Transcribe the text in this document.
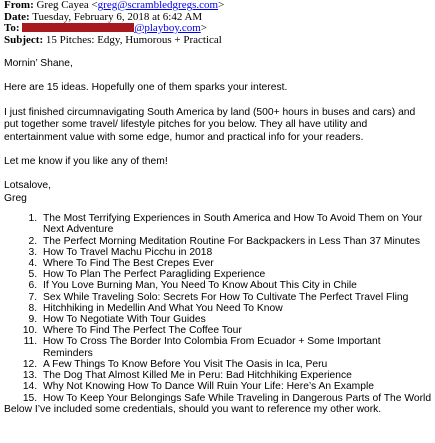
From: Greg Cayea <greg@scrambledgregs.com>
Date: Tuesday, February 6, 2018 at 6:42 AM
To:	@playboy.com>
Subject: 15 Pitches: Edgy, Humorous + Practical

Mornin’ Shane,

Here are 15 ideas. Hopefully one of them sparks your interest.

I just finished circumnavigating South America by land (500+ hours in buses and cars) and put together some travel/ lifestyle pitches for you below. They all have utility and entertainment value with some edge, humor and practical info for your readers.

Let me know if you like any of them!

Lotsalove,

Greg

1. The Most Terrifying Experiences in South America and How To Avoid Them on Your Next Adventure
2. The Perfect Morning Meditation Routine For Backpackers in Less Than 37 Minutes
3. How To Travel Machu Picchu in 2018
4. Where To Find The Best Crepes Ever
5. How To Plan The Perfect Paragliding Experience
6. If You Love Burning Man, You Need To Know About This City in Chile
7. Sex While Traveling Solo: Secrets For How To Cultivate The Perfect Travel Fling
8. Hitchhiking in Medellin And What You Need To Know
9. How To Negotiate With Tour Guides
10. Where To Find The Perfect The Coffee Tour
11. How To Cross The Border Into Colombia From Ecuador + Some Important Reminders
12. A Few Things To Know Before You Visit The Oasis in Ica, Peru
13. The Dog That Almost Killed Me in Peru: Bad Hitchhiking Experience
14. Why Not Knowing How To Dance Will Ruin Your Life: Here’s An Example
15. How To Keep Your Belongings Safe While Traveling in Dangerous Parts of The World

Below I’ve included some credentials, should you want to reference my other work.
